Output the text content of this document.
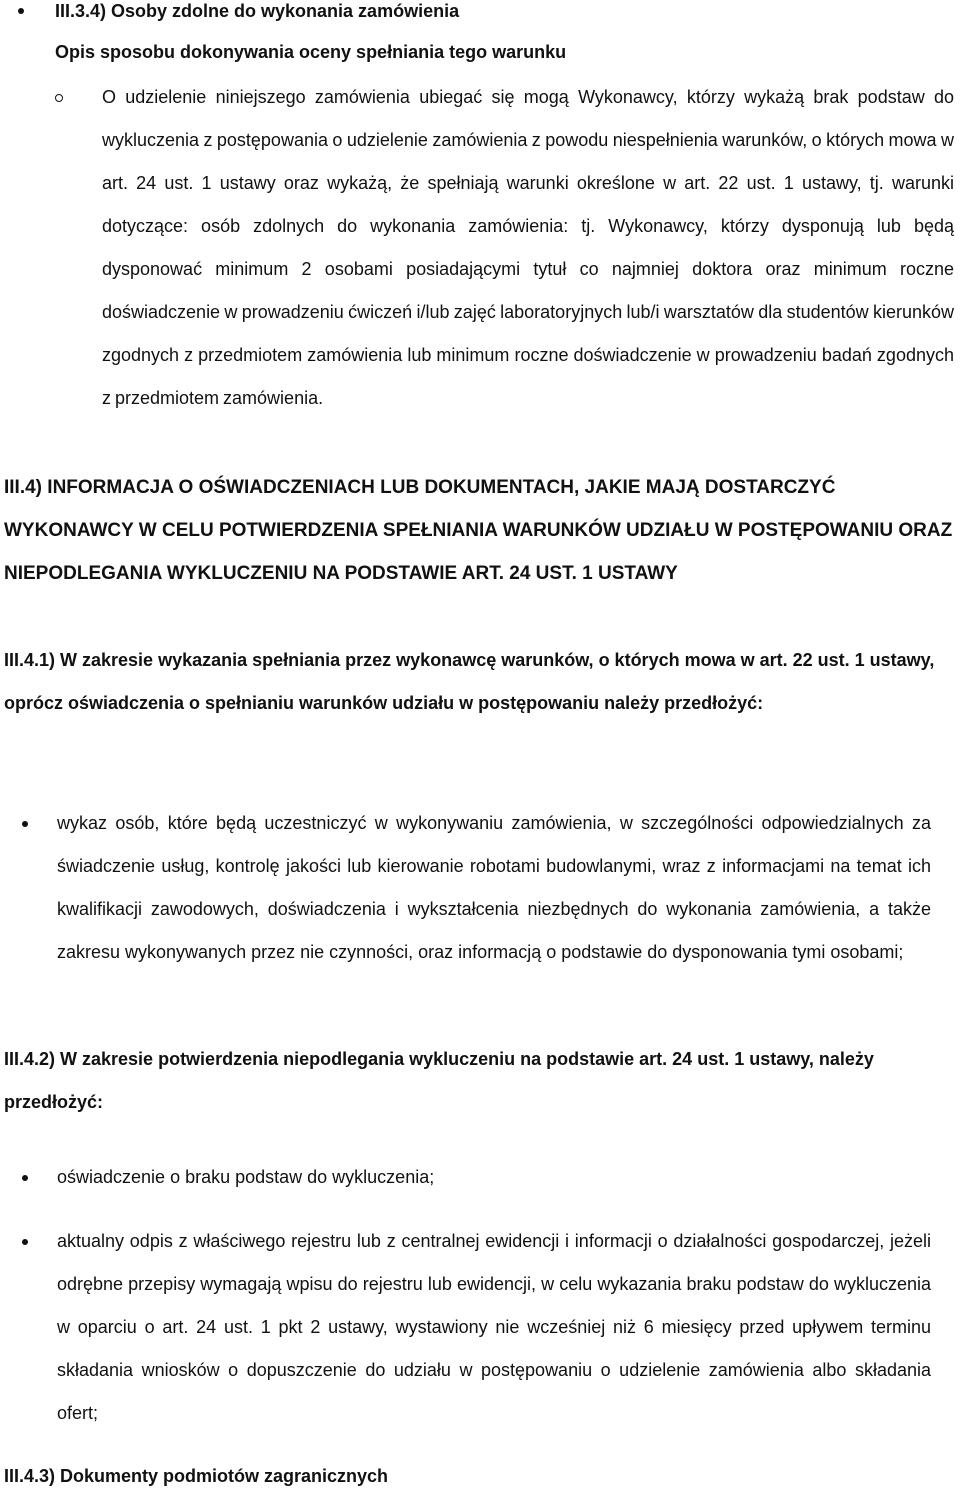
III.3.4) Osoby zdolne do wykonania zamówienia

Opis sposobu dokonywania oceny spełniania tego warunku

O udzielenie niniejszego zamówienia ubiegać się mogą Wykonawcy, którzy wykażą brak podstaw do wykluczenia z postępowania o udzielenie zamówienia z powodu niespełnienia warunków, o których mowa w art. 24 ust. 1 ustawy oraz wykażą, że spełniają warunki określone w art. 22 ust. 1 ustawy, tj. warunki dotyczące: osób zdolnych do wykonania zamówienia: tj. Wykonawcy, którzy dysponują lub będą dysponować minimum 2 osobami posiadającymi tytuł co najmniej doktora oraz minimum roczne doświadczenie w prowadzeniu ćwiczeń i/lub zajęć laboratoryjnych lub/i warsztatów dla studentów kierunków zgodnych z przedmiotem zamówienia lub minimum roczne doświadczenie w prowadzeniu badań zgodnych z przedmiotem zamówienia.

III.4) INFORMACJA O OŚWIADCZENIACH LUB DOKUMENTACH, JAKIE MAJĄ DOSTARCZYĆ WYKONAWCY W CELU POTWIERDZENIA SPEŁNIANIA WARUNKÓW UDZIAŁU W POSTĘPOWANIU ORAZ NIEPODLEGANIA WYKLUCZENIU NA PODSTAWIE ART. 24 UST. 1 USTAWY

III.4.1) W zakresie wykazania spełniania przez wykonawcę warunków, o których mowa w art. 22 ust. 1 ustawy, oprócz oświadczenia o spełnianiu warunków udziału w postępowaniu należy przedłożyć:

wykaz osób, które będą uczestniczyć w wykonywaniu zamówienia, w szczególności odpowiedzialnych za świadczenie usług, kontrolę jakości lub kierowanie robotami budowlanymi, wraz z informacjami na temat ich kwalifikacji zawodowych, doświadczenia i wykształcenia niezbędnych do wykonania zamówienia, a także zakresu wykonywanych przez nie czynności, oraz informacją o podstawie do dysponowania tymi osobami;

III.4.2) W zakresie potwierdzenia niepodlegania wykluczeniu na podstawie art. 24 ust. 1 ustawy, należy przedłożyć:

oświadczenie o braku podstaw do wykluczenia;

aktualny odpis z właściwego rejestru lub z centralnej ewidencji i informacji o działalności gospodarczej, jeżeli odrębne przepisy wymagają wpisu do rejestru lub ewidencji, w celu wykazania braku podstaw do wykluczenia w oparciu o art. 24 ust. 1 pkt 2 ustawy, wystawiony nie wcześniej niż 6 miesięcy przed upływem terminu składania wniosków o dopuszczenie do udziału w postępowaniu o udzielenie zamówienia albo składania ofert;

III.4.3) Dokumenty podmiotów zagranicznych
